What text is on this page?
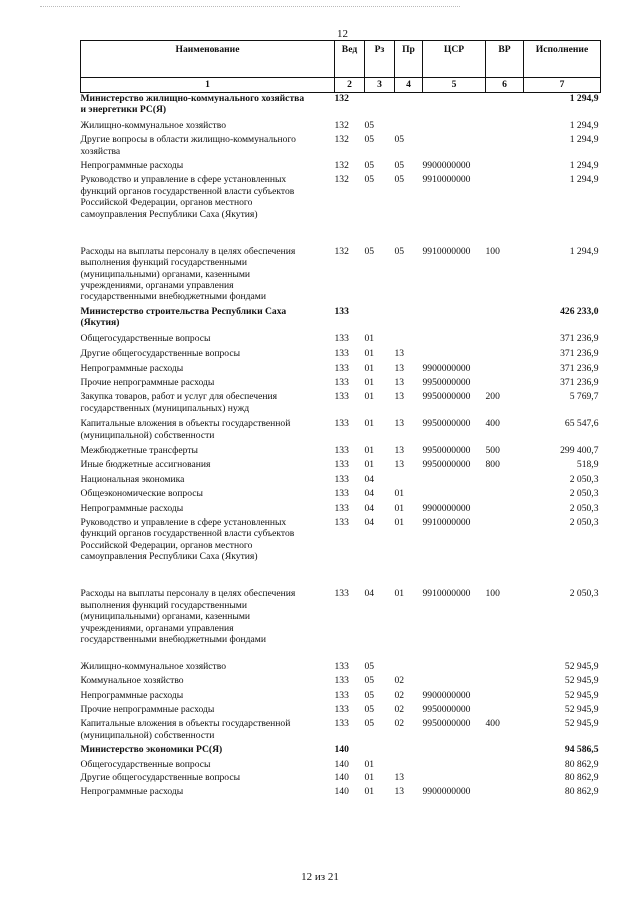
12
Наименование	Вед	Рз	Пр	ЦСР	ВР	Исполнение
1	2	3	4	5	6	7

Министерство жилищно-коммунального хозяйства
и энергетики РС(Я)	132					1 294,9

Жилищно-коммунальное хозяйство	132	05				1 294,9

Другие вопросы в области жилищно-коммунального
хозяйства	132	05	05			1 294,9

Непрограммные расходы	132	05	05	9900000000		1 294,9

Руководство и управление в сфере установленных
функций органов государственной власти субъектов
Российской Федерации, органов местного
самоуправления Республики Саха (Якутия)	132	05	05	9910000000		1 294,9

Расходы на выплаты персоналу в целях обеспечения
выполнения функций государственными
(муниципальными) органами, казенными
учреждениями, органами управления
государственными внебюджетными фондами	132	05	05	9910000000	100	1 294,9

Министерство строительства Республики Саха
(Якутия)	133					426 233,0

Общегосударственные вопросы	133	01				371 236,9

Другие общегосударственные вопросы	133	01	13			371 236,9

Непрограммные расходы	133	01	13	9900000000		371 236,9

Прочие непрограммные расходы	133	01	13	9950000000		371 236,9

Закупка товаров, работ и услуг для обеспечения
государственных (муниципальных) нужд	133	01	13	9950000000	200	5 769,7

Капитальные вложения в объекты государственной
(муниципальной) собственности	133	01	13	9950000000	400	65 547,6

Межбюджетные трансферты	133	01	13	9950000000	500	299 400,7

Иные бюджетные ассигнования	133	01	13	9950000000	800	518,9

Национальная экономика	133	04				2 050,3

Общеэкономические вопросы	133	04	01			2 050,3

Непрограммные расходы	133	04	01	9900000000		2 050,3

Руководство и управление в сфере установленных
функций органов государственной власти субъектов
Российской Федерации, органов местного
самоуправления Республики Саха (Якутия)	133	04	01	9910000000		2 050,3

Расходы на выплаты персоналу в целях обеспечения
выполнения функций государственными
(муниципальными) органами, казенными
учреждениями, органами управления
государственными внебюджетными фондами	133	04	01	9910000000	100	2 050,3

Жилищно-коммунальное хозяйство	133	05				52 945,9

Коммунальное хозяйство	133	05	02			52 945,9

Непрограммные расходы	133	05	02	9900000000		52 945,9

Прочие непрограммные расходы	133	05	02	9950000000		52 945,9

Капитальные вложения в объекты государственной
(муниципальной) собственности	133	05	02	9950000000	400	52 945,9

Министерство экономики РС(Я)	140					94 586,5

Общегосударственные вопросы	140	01				80 862,9

Другие общегосударственные вопросы	140	01	13			80 862,9

Непрограммные расходы	140	01	13	9900000000		80 862,9
12 из 21
